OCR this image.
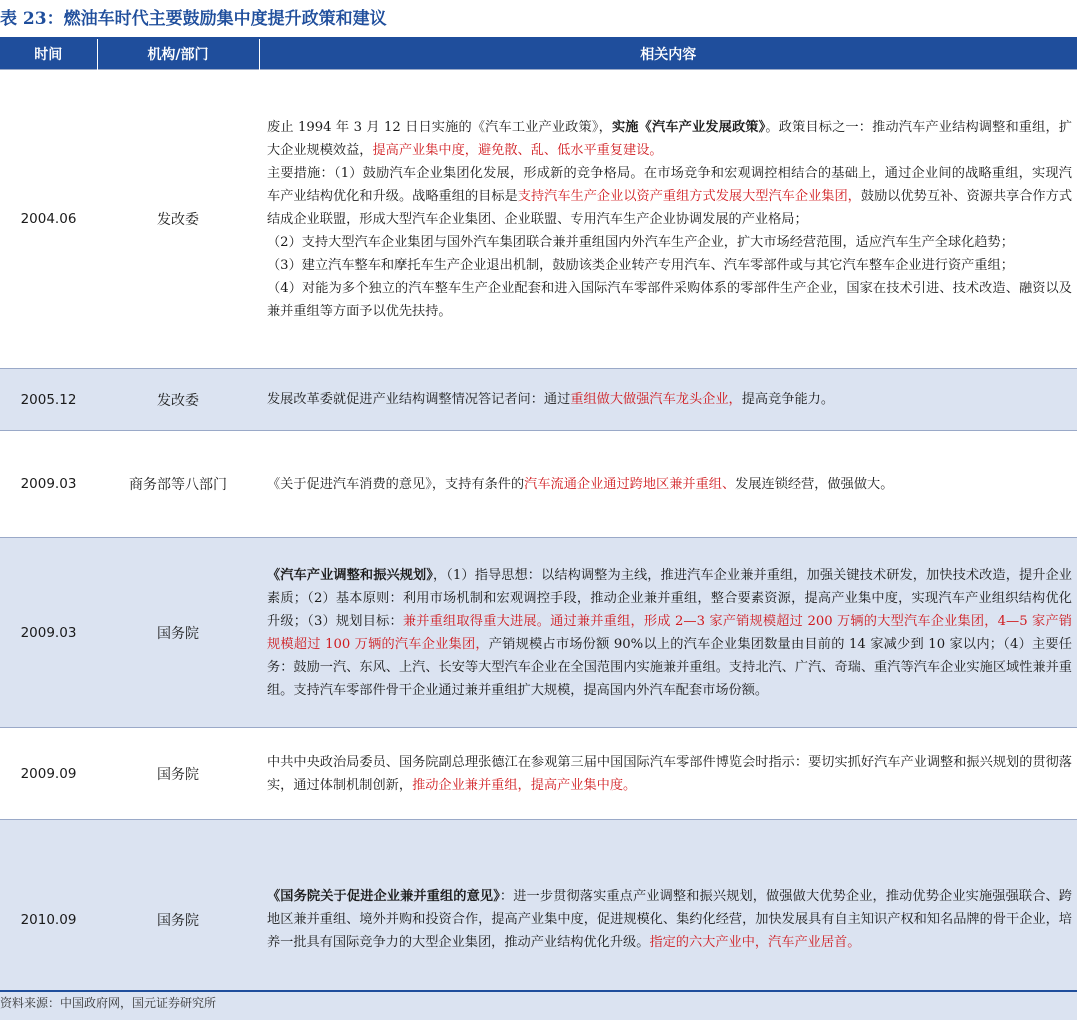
表 23：燃油车时代主要鼓励集中度提升政策和建议
时间	机构/部门	相关内容
2004.06	发改委	废止 1994 年 3 月 12 日日实施的《汽车工业产业政策》，实施《汽车产业发展政策》。政策目标之一：推动汽车产业结构调整和重组，扩大企业规模效益，提高产业集中度，避免散、乱、低水平重复建设。
主要措施：（1）鼓励汽车企业集团化发展，形成新的竞争格局。在市场竞争和宏观调控相结合的基础上，通过企业间的战略重组，实现汽车产业结构优化和升级。战略重组的目标是支持汽车生产企业以资产重组方式发展大型汽车企业集团，鼓励以优势互补、资源共享合作方式结成企业联盟，形成大型汽车企业集团、企业联盟、专用汽车生产企业协调发展的产业格局；
（2）支持大型汽车企业集团与国外汽车集团联合兼并重组国内外汽车生产企业，扩大市场经营范围，适应汽车生产全球化趋势；
（3）建立汽车整车和摩托车生产企业退出机制，鼓励该类企业转产专用汽车、汽车零部件或与其它汽车整车企业进行资产重组；
（4）对能为多个独立的汽车整车生产企业配套和进入国际汽车零部件采购体系的零部件生产企业，国家在技术引进、技术改造、融资以及兼并重组等方面予以优先扶持。

2005.12	发改委	发展改革委就促进产业结构调整情况答记者问：通过重组做大做强汽车龙头企业，提高竞争能力。
2009.03	商务部等八部门	《关于促进汽车消费的意见》，支持有条件的汽车流通企业通过跨地区兼并重组、发展连锁经营，做强做大。
2009.03	国务院	《汽车产业调整和振兴规划》，（1）指导思想：以结构调整为主线，推进汽车企业兼并重组，加强关键技术研发，加快技术改造，提升企业素质；（2）基本原则：利用市场机制和宏观调控手段，推动企业兼并重组，整合要素资源，提高产业集中度，实现汽车产业组织结构优化升级；（3）规划目标：兼并重组取得重大进展。通过兼并重组，形成 2—3 家产销规模超过 200 万辆的大型汽车企业集团，4—5 家产销规模超过 100 万辆的汽车企业集团，产销规模占市场份额 90%以上的汽车企业集团数量由目前的 14 家减少到 10 家以内；（4）主要任务：鼓励一汽、东风、上汽、长安等大型汽车企业在全国范围内实施兼并重组。支持北汽、广汽、奇瑞、重汽等汽车企业实施区域性兼并重组。支持汽车零部件骨干企业通过兼并重组扩大规模，提高国内外汽车配套市场份额。
2009.09	国务院	中共中央政治局委员、国务院副总理张德江在参观第三届中国国际汽车零部件博览会时指示：要切实抓好汽车产业调整和振兴规划的贯彻落实，通过体制机制创新，推动企业兼并重组，提高产业集中度。
2010.09	国务院	《国务院关于促进企业兼并重组的意见》：进一步贯彻落实重点产业调整和振兴规划，做强做大优势企业，推动优势企业实施强强联合、跨地区兼并重组、境外并购和投资合作，提高产业集中度，促进规模化、集约化经营，加快发展具有自主知识产权和知名品牌的骨干企业，培养一批具有国际竞争力的大型企业集团，推动产业结构优化升级。指定的六大产业中，汽车产业居首。
资料来源：中国政府网，国元证券研究所
